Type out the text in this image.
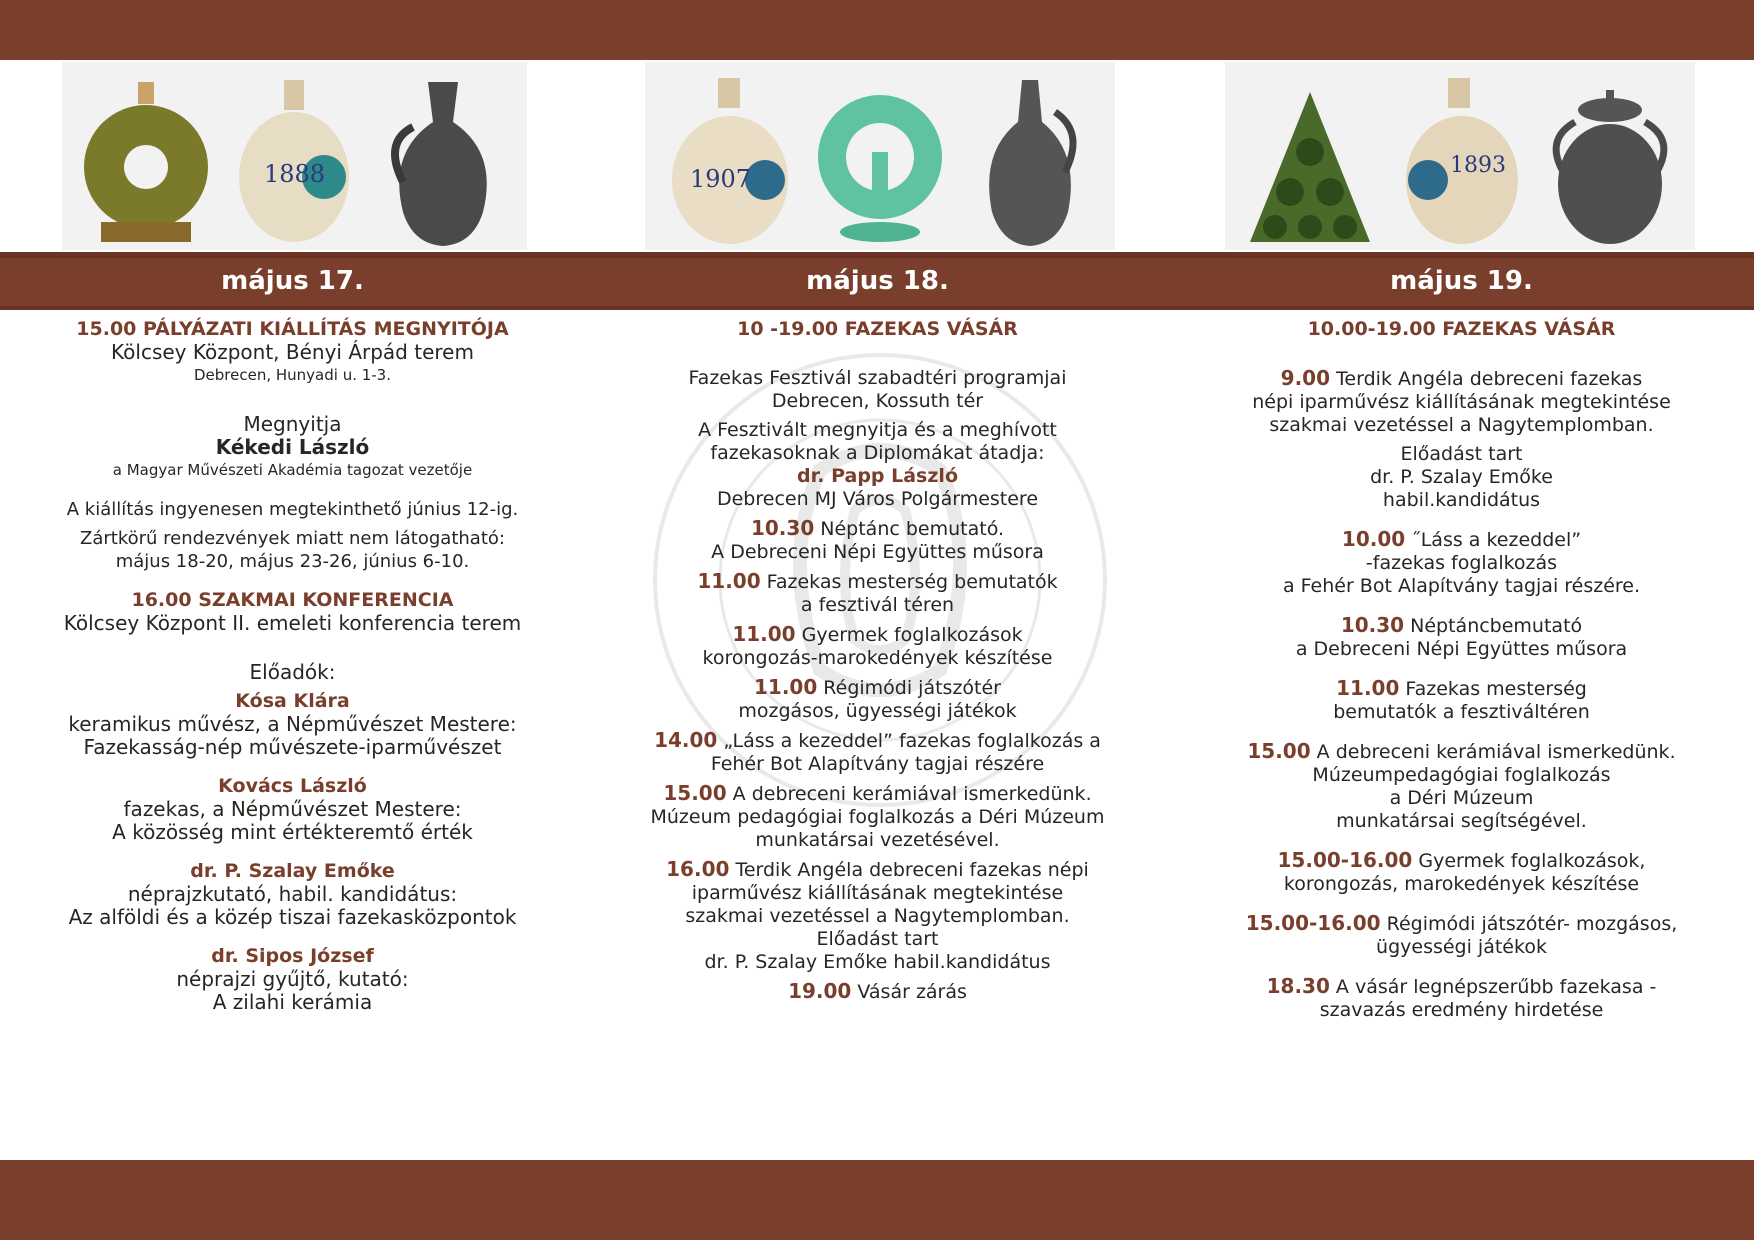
1888	1907	1893
május 17.	május 18.	május 19.

15.00 PÁLYÁZATI KIÁLLÍTÁS MEGNYITÓJA

Kölcsey Központ, Bényi Árpád terem

Debrecen, Hunyadi u. 1-3.

Megnyitja

Kékedi László

a Magyar Művészeti Akadémia tagozat vezetője

A kiállítás ingyenesen megtekinthető június 12-ig.

Zártkörű rendezvények miatt nem látogatható:

május 18-20, május 23-26, június 6-10.

16.00 SZAKMAI KONFERENCIA

Kölcsey Központ II. emeleti konferencia terem

Előadók:

Kósa Klára

keramikus művész, a Népművészet Mestere:

Fazekasság-nép művészete-iparművészet

Kovács László

fazekas, a Népművészet Mestere:

A közösség mint értékteremtő érték

dr. P. Szalay Emőke

néprajzkutató, habil. kandidátus:

Az alföldi és a közép tiszai fazekasközpontok

dr. Sipos József

néprajzi gyűjtő, kutató:

A zilahi kerámia

10 -19.00 FAZEKAS VÁSÁR

Fazekas Fesztivál szabadtéri programjai

Debrecen, Kossuth tér

A Fesztivált megnyitja és a meghívott

fazekasoknak a Diplomákat átadja:

dr. Papp László

Debrecen MJ Város Polgármestere

10.30 Néptánc bemutató.

A Debreceni Népi Együttes műsora

11.00 Fazekas mesterség bemutatók

a fesztivál téren

11.00 Gyermek foglalkozások

korongozás-marokedények készítése

11.00 Régimódi játszótér

mozgásos, ügyességi játékok

14.00 „Láss a kezeddel” fazekas foglalkozás a

Fehér Bot Alapítvány tagjai részére

15.00 A debreceni kerámiával ismerkedünk.

Múzeum pedagógiai foglalkozás a Déri Múzeum

munkatársai vezetésével.

16.00 Terdik Angéla debreceni fazekas népi

iparművész kiállításának megtekintése

szakmai vezetéssel a Nagytemplomban.

Előadást tart

dr. P. Szalay Emőke habil.kandidátus

19.00 Vásár zárás

10.00-19.00 FAZEKAS VÁSÁR

9.00 Terdik Angéla debreceni fazekas

népi iparművész kiállításának megtekintése

szakmai vezetéssel a Nagytemplomban.

Előadást tart

dr. P. Szalay Emőke

habil.kandidátus

10.00 ˝Láss a kezeddel”

-fazekas foglalkozás

a Fehér Bot Alapítvány tagjai részére.

10.30 Néptáncbemutató

a Debreceni Népi Együttes műsora

11.00 Fazekas mesterség

bemutatók a fesztiváltéren

15.00 A debreceni kerámiával ismerkedünk.

Múzeumpedagógiai foglalkozás

a Déri Múzeum

munkatársai segítségével.

15.00-16.00 Gyermek foglalkozások,

korongozás, marokedények készítése

15.00-16.00 Régimódi játszótér- mozgásos,

ügyességi játékok

18.30 A vásár legnépszerűbb fazekasa -

szavazás eredmény hirdetése
